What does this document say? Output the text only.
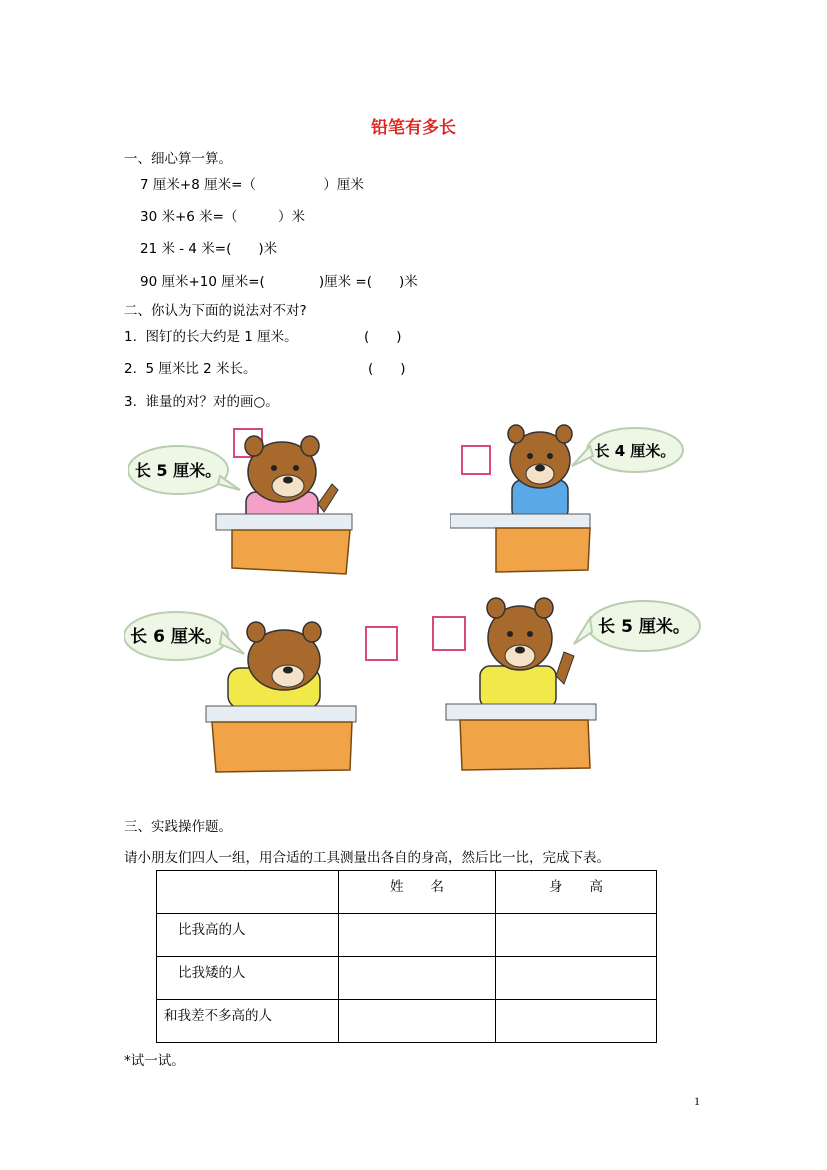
铅笔有多长
一、细心算一算。
7 厘米+8 厘米=（　　　　　）厘米
30 米+6 米=（　　　）米
21 米 - 4 米=(　　)米
90 厘米+10 厘米=(　　　　)厘米 =(　　)米
二、你认为下面的说法对不对?
1.  图钉的长大约是 1 厘米。	(　　)
2.  5 厘米比 2 米长。	(　　)
3.  谁量的对？对的画○。
长 5 厘米。
长 4 厘米。
长 6 厘米。	长 5 厘米。
三、实践操作题。
请小朋友们四人一组，用合适的工具测量出各自的身高，然后比一比，完成下表。

	姓　　名	身　　高

比我高的人		

比我矮的人		

和我差不多高的人		

*试一试。
1
